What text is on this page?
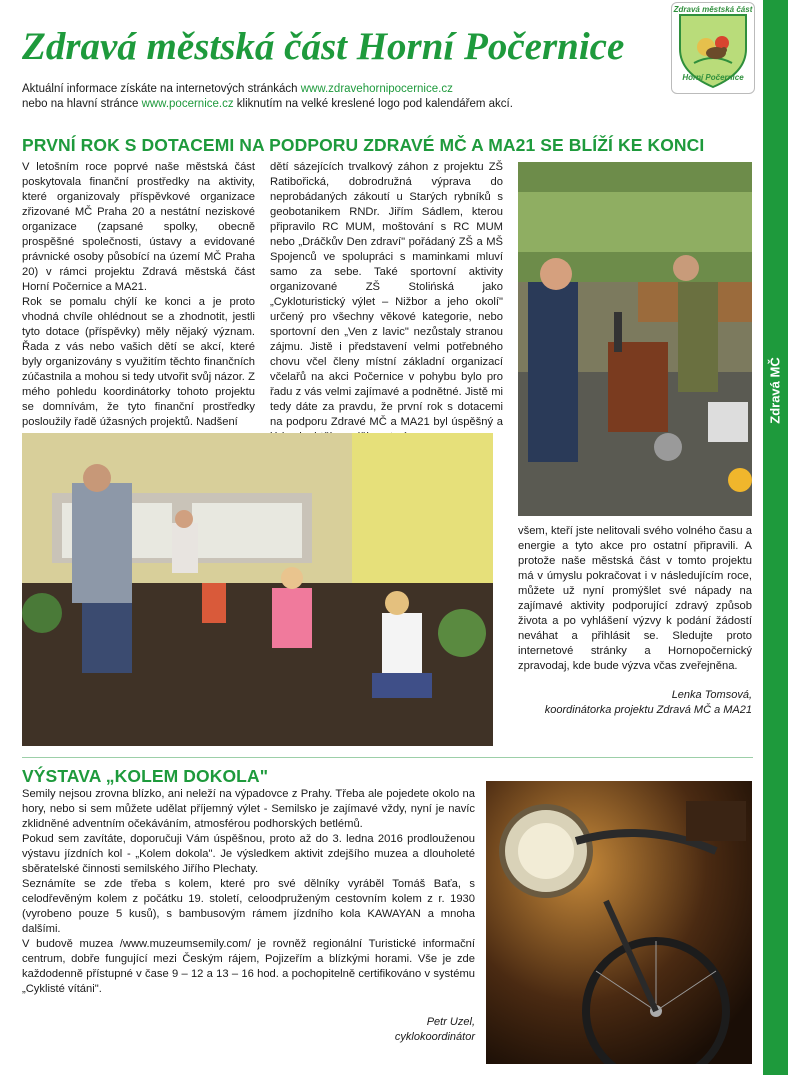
Zdravá MČ
Zdravá městská část Horní Počernice
Aktuální informace získáte na internetových stránkách www.zdravehornipocernice.cz
nebo na hlavní stránce www.pocernice.cz kliknutím na velké kreslené logo pod kalendářem akcí.
Zdravá městská část
Horní Počernice
PRVNÍ ROK S DOTACEMI NA PODPORU ZDRAVÉ MČ A MA21 SE BLÍŽÍ KE KONCI

V letošním roce poprvé naše městská část poskytovala finanční prostředky na aktivity, které organizovaly příspěvkové organizace zřizované MČ Praha 20 a nestátní neziskové organizace (zapsané spolky, obecně prospěšné společnosti, ústavy a evidované právnické osoby působící na území MČ Praha 20) v rámci projektu Zdravá městská část Horní Počernice a MA21.

Rok se pomalu chýlí ke konci a je proto vhodná chvíle ohlédnout se a zhodnotit, jestli tyto dotace (příspěvky) měly nějaký význam. Řada z vás nebo vašich dětí se akcí, které byly organizovány s využitím těchto finančních zúčastnila a mohou si tedy utvořit svůj názor. Z mého pohledu koordinátorky tohoto projektu se domnívám, že tyto finanční prostředky posloužily řadě úžasných projektů. Nadšení

dětí sázejících trvalkový záhon z projektu ZŠ Ratibořická, dobrodružná výprava do neprobádaných zákoutí u Starých rybníků s geobotanikem RNDr. Jiřím Sádlem, kterou připravilo RC MUM, moštování s RC MUM nebo „Dráčkův Den zdraví" pořádaný ZŠ a MŠ Spojenců ve spolupráci s maminkami mluví samo za sebe. Také sportovní aktivity organizované ZŠ Stolińská jako „Cykloturistický výlet – Nižbor a jeho okolí" určený pro všechny věkové kategorie, nebo sportovní den „Ven z lavic" nezůstaly stranou zájmu. Jistě i představení velmi potřebného chovu včel členy místní základní organizací včelařů na akci Počernice v pohybu bylo pro řadu z vás velmi zajímavé a podnětné. Jistě mi tedy dáte za pravdu, že první rok s dotacemi na podporu Zdravé MČ a MA21 byl úspěšný a

všem, kteří jste nelitovali svého volného času a energie a tyto akce pro ostatní připravili. A protože naše městská část v tomto projektu má v úmyslu pokračovat i v následujícím roce, můžete už nyní promýšlet své nápady na zajímavé aktivity podporující zdravý způsob života a po vyhlášení výzvy k podání žádostí neváhat a přihlásit se. Sledujte proto internetové stránky a Hornopočernický zpravodaj, kde bude výzva včas zveřejněna.

Lenka Tomsová,
koordinátorka projektu Zdravá MČ a MA21
VÝSTAVA „KOLEM DOKOLA"

Semily nejsou zrovna blízko, ani neleží na výpadovce z Prahy. Třeba ale pojedete okolo na hory, nebo si sem můžete udělat příjemný výlet - Semilsko je zajímavé vždy, nyní je navíc zklidněné adventním očekáváním, atmosférou podhorských betlémů.

Pokud sem zavítáte, doporučuji Vám úspěšnou, proto až do 3. ledna 2016 prodlouženou výstavu jízdních kol - „Kolem dokola". Je výsledkem aktivit zdejšího muzea a dlouholeté sběratelské činnosti semilského Jiřího Plechaty.

Seznámíte se zde třeba s kolem, které pro své dělníky vyráběl Tomáš Baťa, s celodřevěným kolem z počátku 19. století, celoodpruženým cestovním kolem z r. 1930 (vyrobeno pouze 5 kusů), s bambusovým rámem jízdního kola KAWAYAN a mnoha dalšími.

V budově muzea /www.muzeumsemily.com/ je rovněž regionální Turistické informační centrum, dobře fungující mezi Českým rájem, Pojizeřím a blízkými horami. Vše je zde každodenně přístupné v čase 9 – 12 a 13 – 16 hod. a pochopitelně certifikováno v systému „Cyklisté vítáni".

Petr Uzel,
cyklokoordinátor
